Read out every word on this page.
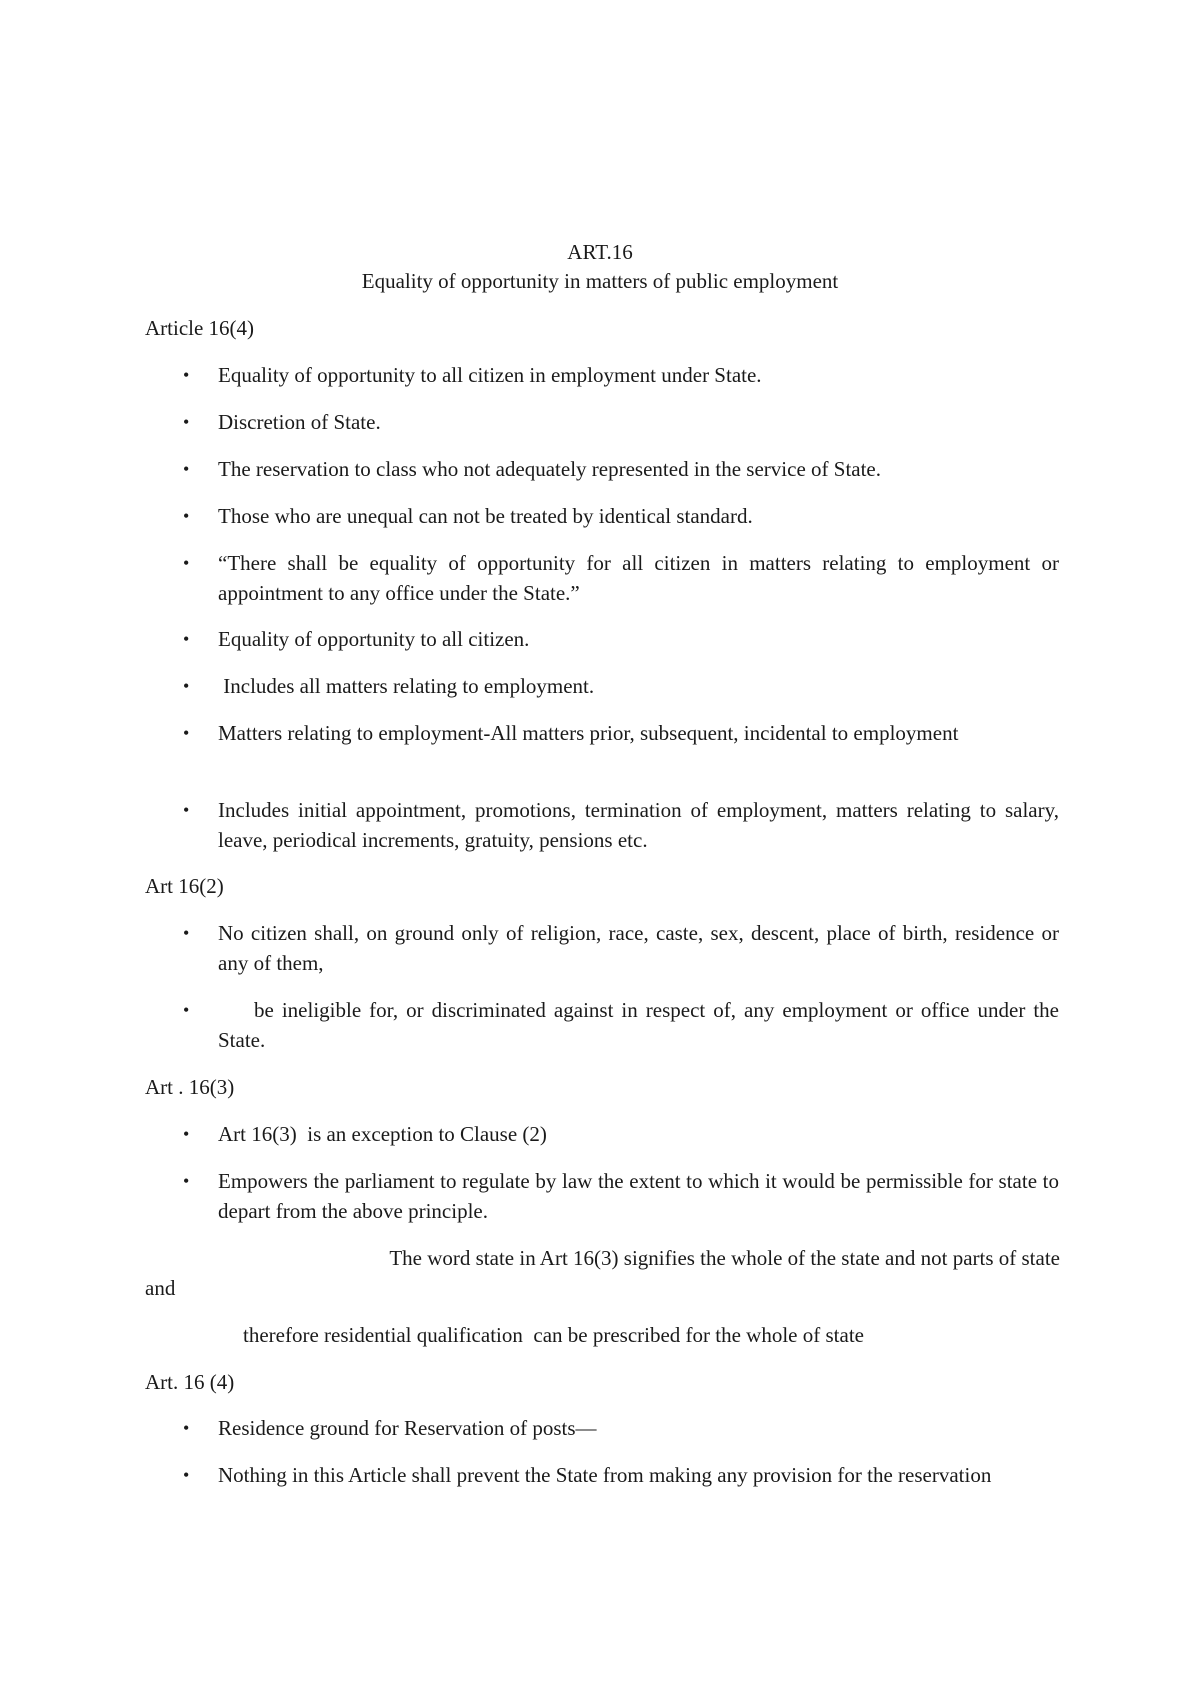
ART.16
Equality of opportunity in matters of public employment
Article 16(4)
• Equality of opportunity to all citizen in employment under State.
• Discretion of State.
• The reservation to class who not adequately represented in the service of State.
• Those who are unequal can not be treated by identical standard.
• “There shall be equality of opportunity for all citizen in matters relating to employment or appointment to any office under the State.”
• Equality of opportunity to all citizen.
• Includes all matters relating to employment.
• Matters relating to employment-All matters prior, subsequent, incidental to employment
• Includes initial appointment, promotions, termination of employment, matters relating to salary, leave, periodical increments, gratuity, pensions etc.
Art 16(2)
• No citizen shall, on ground only of religion, race, caste, sex, descent, place of birth, residence or any of them,
•	be ineligible for, or discriminated against in respect of, any employment or office under the State.
Art . 16(3)
• Art 16(3)  is an exception to Clause (2)
• Empowers the parliament to regulate by law the extent to which it would be permissible for state to depart from the above principle.
The word state in Art 16(3) signifies the whole of the state and not parts of state
and
therefore residential qualification  can be prescribed for the whole of state
Art. 16 (4)
• Residence ground for Reservation of posts—
• Nothing in this Article shall prevent the State from making any provision for the reservation
